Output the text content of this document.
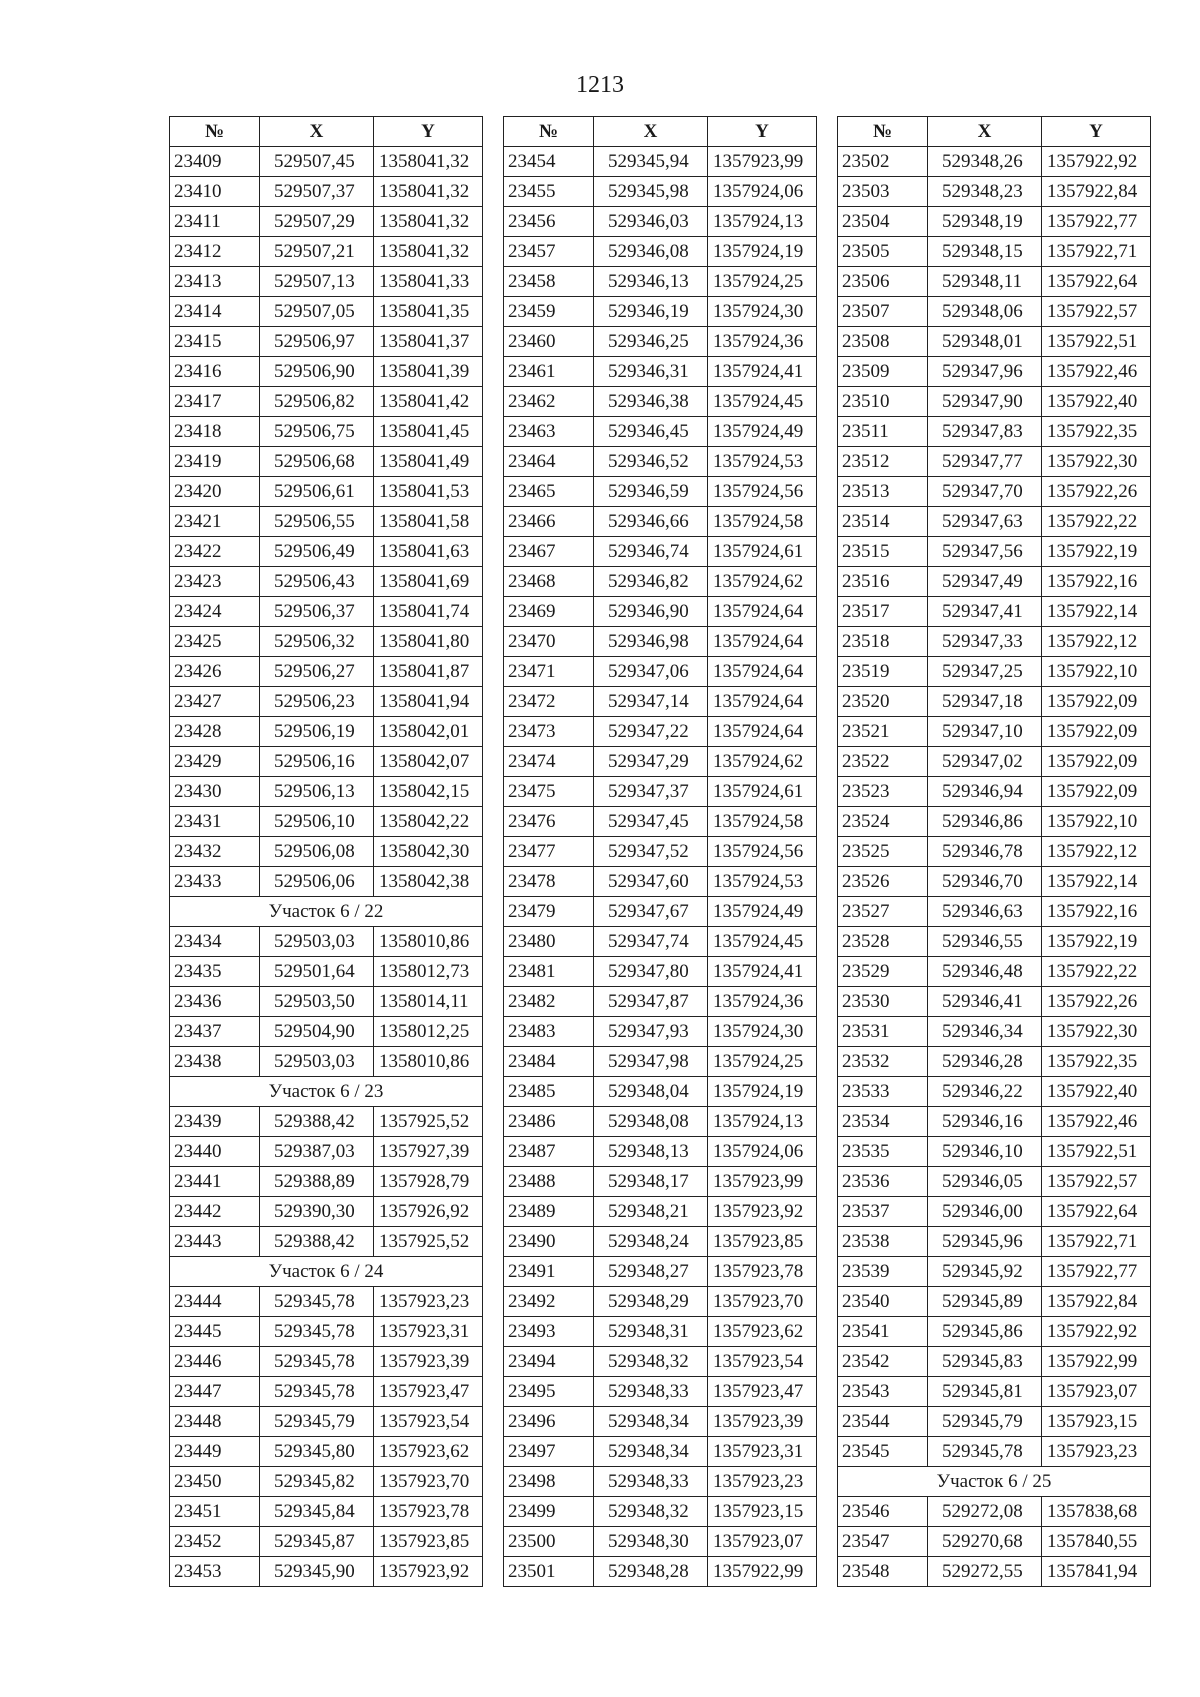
1213
№	X	Y
23409	529507,45	1358041,32
23410	529507,37	1358041,32
23411	529507,29	1358041,32
23412	529507,21	1358041,32
23413	529507,13	1358041,33
23414	529507,05	1358041,35
23415	529506,97	1358041,37
23416	529506,90	1358041,39
23417	529506,82	1358041,42
23418	529506,75	1358041,45
23419	529506,68	1358041,49
23420	529506,61	1358041,53
23421	529506,55	1358041,58
23422	529506,49	1358041,63
23423	529506,43	1358041,69
23424	529506,37	1358041,74
23425	529506,32	1358041,80
23426	529506,27	1358041,87
23427	529506,23	1358041,94
23428	529506,19	1358042,01
23429	529506,16	1358042,07
23430	529506,13	1358042,15
23431	529506,10	1358042,22
23432	529506,08	1358042,30
23433	529506,06	1358042,38
Участок 6 / 22		
23434	529503,03	1358010,86
23435	529501,64	1358012,73
23436	529503,50	1358014,11
23437	529504,90	1358012,25
23438	529503,03	1358010,86
Участок 6 / 23		
23439	529388,42	1357925,52
23440	529387,03	1357927,39
23441	529388,89	1357928,79
23442	529390,30	1357926,92
23443	529388,42	1357925,52
Участок 6 / 24		
23444	529345,78	1357923,23
23445	529345,78	1357923,31
23446	529345,78	1357923,39
23447	529345,78	1357923,47
23448	529345,79	1357923,54
23449	529345,80	1357923,62
23450	529345,82	1357923,70
23451	529345,84	1357923,78
23452	529345,87	1357923,85
23453	529345,90	1357923,92
№	X	Y
23454	529345,94	1357923,99
23455	529345,98	1357924,06
23456	529346,03	1357924,13
23457	529346,08	1357924,19
23458	529346,13	1357924,25
23459	529346,19	1357924,30
23460	529346,25	1357924,36
23461	529346,31	1357924,41
23462	529346,38	1357924,45
23463	529346,45	1357924,49
23464	529346,52	1357924,53
23465	529346,59	1357924,56
23466	529346,66	1357924,58
23467	529346,74	1357924,61
23468	529346,82	1357924,62
23469	529346,90	1357924,64
23470	529346,98	1357924,64
23471	529347,06	1357924,64
23472	529347,14	1357924,64
23473	529347,22	1357924,64
23474	529347,29	1357924,62
23475	529347,37	1357924,61
23476	529347,45	1357924,58
23477	529347,52	1357924,56
23478	529347,60	1357924,53
23479	529347,67	1357924,49
23480	529347,74	1357924,45
23481	529347,80	1357924,41
23482	529347,87	1357924,36
23483	529347,93	1357924,30
23484	529347,98	1357924,25
23485	529348,04	1357924,19
23486	529348,08	1357924,13
23487	529348,13	1357924,06
23488	529348,17	1357923,99
23489	529348,21	1357923,92
23490	529348,24	1357923,85
23491	529348,27	1357923,78
23492	529348,29	1357923,70
23493	529348,31	1357923,62
23494	529348,32	1357923,54
23495	529348,33	1357923,47
23496	529348,34	1357923,39
23497	529348,34	1357923,31
23498	529348,33	1357923,23
23499	529348,32	1357923,15
23500	529348,30	1357923,07
23501	529348,28	1357922,99
№	X	Y
23502	529348,26	1357922,92
23503	529348,23	1357922,84
23504	529348,19	1357922,77
23505	529348,15	1357922,71
23506	529348,11	1357922,64
23507	529348,06	1357922,57
23508	529348,01	1357922,51
23509	529347,96	1357922,46
23510	529347,90	1357922,40
23511	529347,83	1357922,35
23512	529347,77	1357922,30
23513	529347,70	1357922,26
23514	529347,63	1357922,22
23515	529347,56	1357922,19
23516	529347,49	1357922,16
23517	529347,41	1357922,14
23518	529347,33	1357922,12
23519	529347,25	1357922,10
23520	529347,18	1357922,09
23521	529347,10	1357922,09
23522	529347,02	1357922,09
23523	529346,94	1357922,09
23524	529346,86	1357922,10
23525	529346,78	1357922,12
23526	529346,70	1357922,14
23527	529346,63	1357922,16
23528	529346,55	1357922,19
23529	529346,48	1357922,22
23530	529346,41	1357922,26
23531	529346,34	1357922,30
23532	529346,28	1357922,35
23533	529346,22	1357922,40
23534	529346,16	1357922,46
23535	529346,10	1357922,51
23536	529346,05	1357922,57
23537	529346,00	1357922,64
23538	529345,96	1357922,71
23539	529345,92	1357922,77
23540	529345,89	1357922,84
23541	529345,86	1357922,92
23542	529345,83	1357922,99
23543	529345,81	1357923,07
23544	529345,79	1357923,15
23545	529345,78	1357923,23
Участок 6 / 25		
23546	529272,08	1357838,68
23547	529270,68	1357840,55
23548	529272,55	1357841,94
